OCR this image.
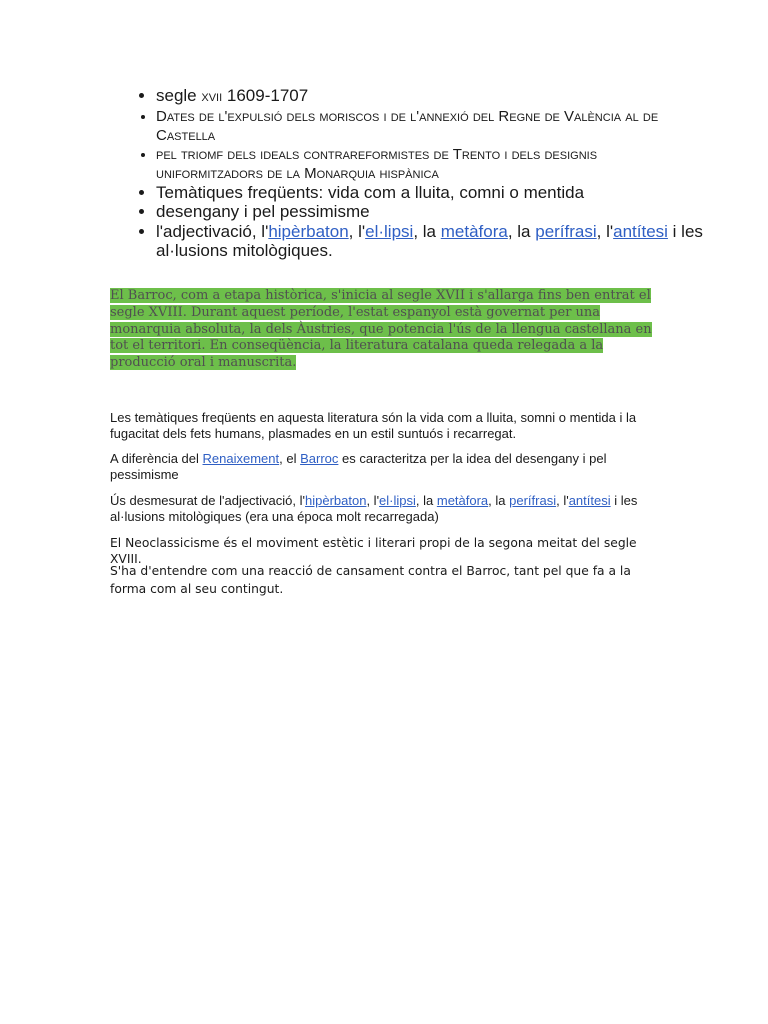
• segle xvii 1609-1707
• Dates de l'expulsió dels moriscos i de l'annexió del Regne de València al de Castella
• pel triomf dels ideals contrareformistes de Trento i dels designis uniformitzadors de la Monarquia hispànica
• Temàtiques freqüents: vida com a lluita, comni o mentida
• desengany i pel pessimisme
• l'adjectivació, l'hipèrbaton, l'el·lipsi, la metàfora, la perífrasi, l'antítesi i les al·lusions mitològiques.

El Barroc, com a etapa històrica, s'inicia al segle XVII i s'allarga fins ben entrat el segle XVIII. Durant aquest període, l'estat espanyol està governat per una monarquia absoluta, la dels Àustries, que potencia l'ús de la llengua castellana en tot el territori. En conseqüència, la literatura catalana queda relegada a la producció oral i manuscrita.

Les temàtiques freqüents en aquesta literatura són la vida com a lluita, somni o mentida i la fugacitat dels fets humans, plasmades en un estil suntuós i recarregat.

A diferència del Renaixement, el Barroc es caracteritza per la idea del desengany i pel pessimisme

Ús desmesurat de l'adjectivació, l'hipèrbaton, l'el·lipsi, la metàfora, la perífrasi, l'antítesi i les al·lusions mitològiques (era una época molt recarregada)

El Neoclassicisme és el moviment estètic i literari propi de la segona meitat del segle XVIII.

S'ha d'entendre com una reacció de cansament contra el Barroc, tant pel que fa a la forma com al seu contingut.
